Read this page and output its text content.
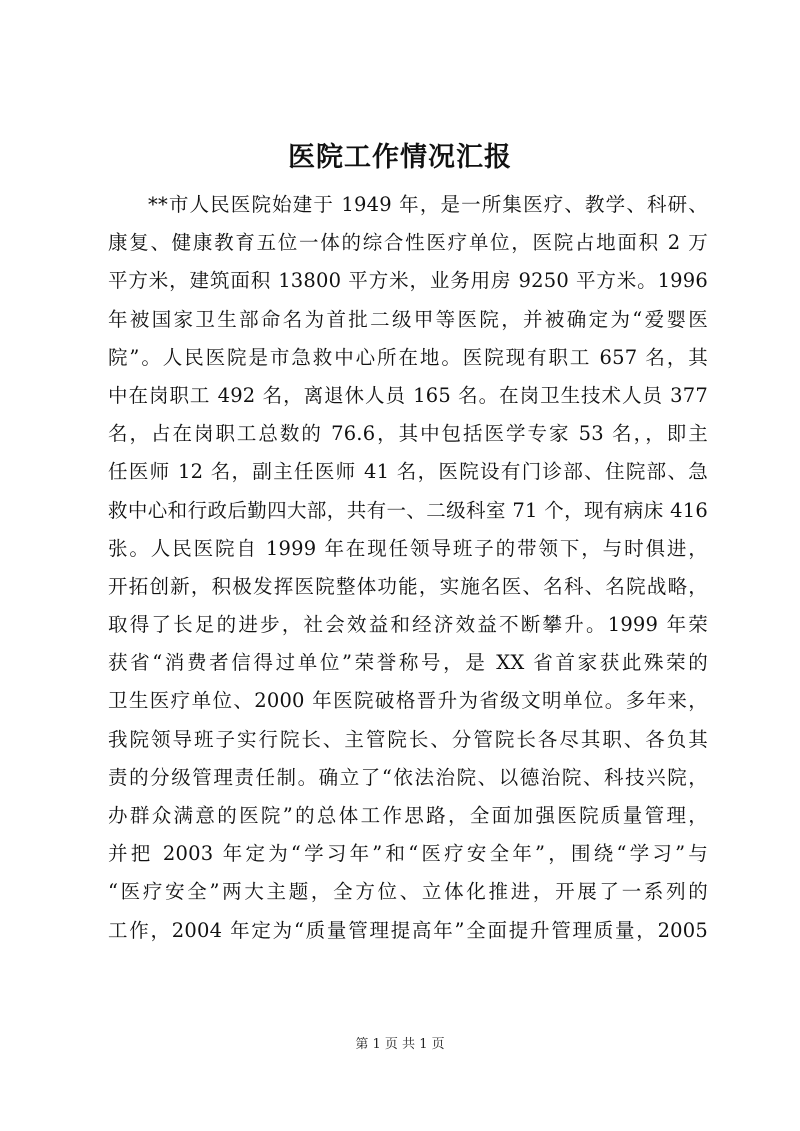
医院工作情况汇报
**市人民医院始建于 1949 年，是一所集医疗、教学、科研、
康复、健康教育五位一体的综合性医疗单位，医院占地面积 2 万
平方米，建筑面积 13800 平方米，业务用房 9250 平方米。1996
年被国家卫生部命名为首批二级甲等医院，并被确定为“爱婴医
院”。人民医院是市急救中心所在地。医院现有职工 657 名，其
中在岗职工 492 名，离退休人员 165 名。在岗卫生技术人员 377
名，占在岗职工总数的 76.6，其中包括医学专家 53 名，，即主
任医师 12 名，副主任医师 41 名，医院设有门诊部、住院部、急
救中心和行政后勤四大部，共有一、二级科室 71 个，现有病床 416
张。人民医院自 1999 年在现任领导班子的带领下，与时俱进，
开拓创新，积极发挥医院整体功能，实施名医、名科、名院战略，
取得了长足的进步，社会效益和经济效益不断攀升。1999 年荣
获省“消费者信得过单位”荣誉称号，是 XX 省首家获此殊荣的
卫生医疗单位、2000 年医院破格晋升为省级文明单位。多年来，
我院领导班子实行院长、主管院长、分管院长各尽其职、各负其
责的分级管理责任制。确立了“依法治院、以德治院、科技兴院，
办群众满意的医院”的总体工作思路，全面加强医院质量管理，
并把 2003 年定为“学习年”和“医疗安全年”，围绕“学习”与
“医疗安全”两大主题，全方位、立体化推进，开展了一系列的
工作，2004 年定为“质量管理提高年”全面提升管理质量，2005
第 1 页 共 1 页
